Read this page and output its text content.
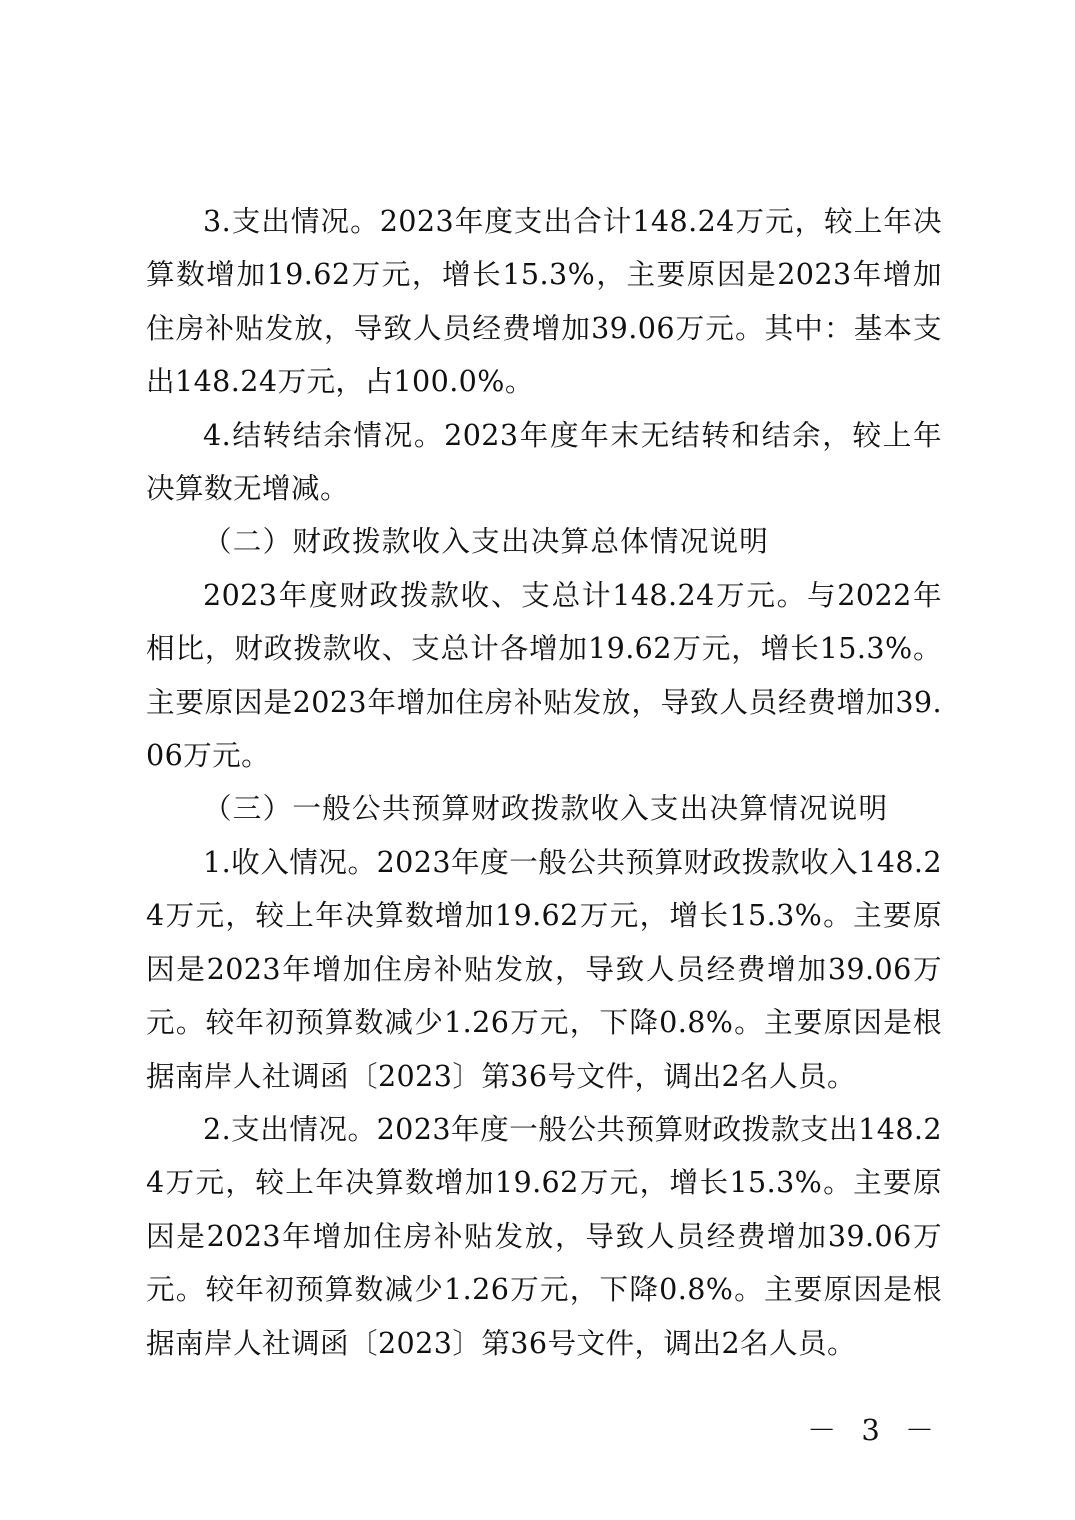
3.支出情况。2023年度支出合计148.24万元，较上年决算数增加19.62万元，增长15.3%，主要原因是2023年增加住房补贴发放，导致人员经费增加39.06万元。其中：基本支出148.24万元，占100.0%。

4.结转结余情况。2023年度年末无结转和结余，较上年决算数无增减。

（二）财政拨款收入支出决算总体情况说明

2023年度财政拨款收、支总计148.24万元。与2022年相比，财政拨款收、支总计各增加19.62万元，增长15.3%。主要原因是2023年增加住房补贴发放，导致人员经费增加39.06万元。

（三）一般公共预算财政拨款收入支出决算情况说明

1.收入情况。2023年度一般公共预算财政拨款收入148.24万元，较上年决算数增加19.62万元，增长15.3%。主要原因是2023年增加住房补贴发放，导致人员经费增加39.06万元。较年初预算数减少1.26万元，下降0.8%。主要原因是根据南岸人社调函〔2023〕第36号文件，调出2名人员。

2.支出情况。2023年度一般公共预算财政拨款支出148.24万元，较上年决算数增加19.62万元，增长15.3%。主要原因是2023年增加住房补贴发放，导致人员经费增加39.06万元。较年初预算数减少1.26万元，下降0.8%。主要原因是根据南岸人社调函〔2023〕第36号文件，调出2名人员。

－ 3 －
